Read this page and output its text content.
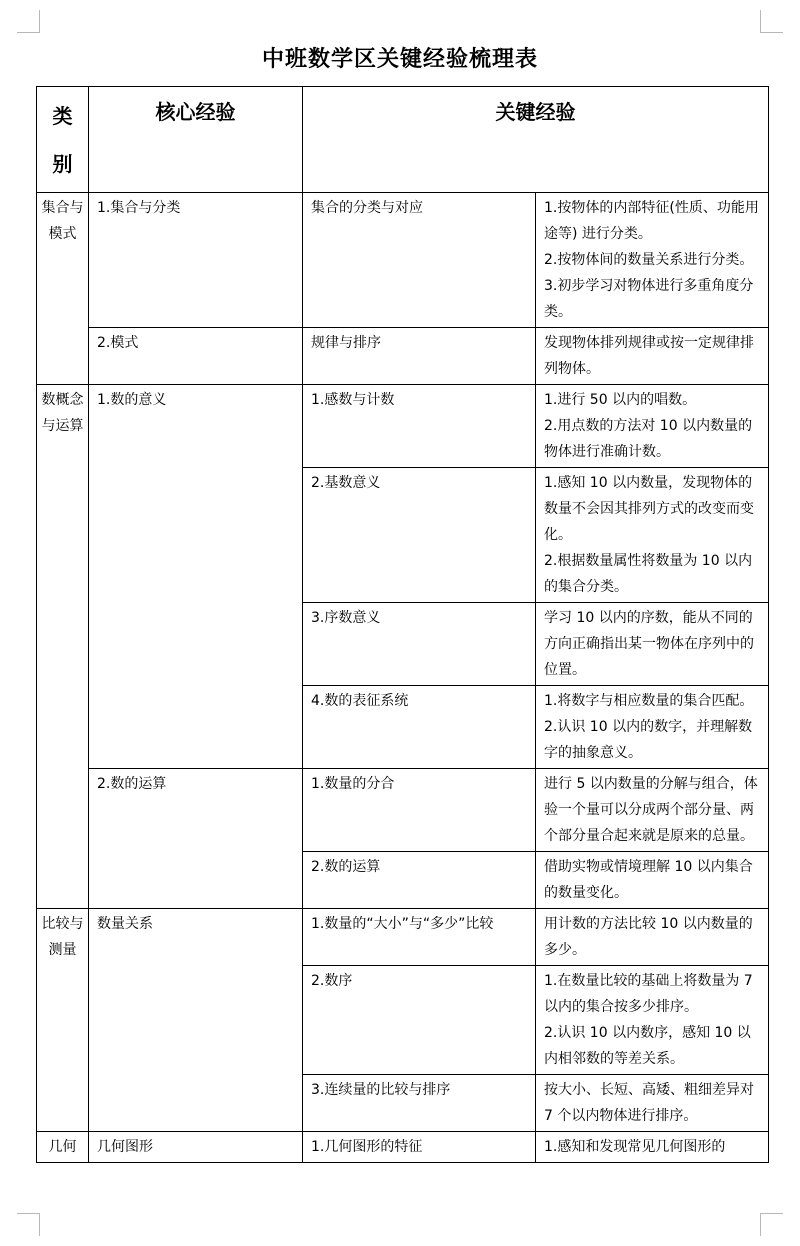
中班数学区关键经验梳理表
类别	核心经验	关键经验	
集合与模式	1.集合与分类	集合的分类与对应	1.按物体的内部特征(性质、功能用途等) 进行分类。
2.按物体间的数量关系进行分类。
3.初步学习对物体进行多重角度分类。
	2.模式	规律与排序	发现物体排列规律或按一定规律排列物体。
数概念与运算	1.数的意义	1.感数与计数	1.进行 50 以内的唱数。
2.用点数的方法对 10 以内数量的物体进行准确计数。
		2.基数意义	1.感知 10 以内数量，发现物体的数量不会因其排列方式的改变而变化。
2.根据数量属性将数量为 10 以内的集合分类。
		3.序数意义	学习 10 以内的序数，能从不同的方向正确指出某一物体在序列中的位置。
		4.数的表征系统	1.将数字与相应数量的集合匹配。
2.认识 10 以内的数字，并理解数字的抽象意义。
	2.数的运算	1.数量的分合	进行 5 以内数量的分解与组合，体验一个量可以分成两个部分量、两个部分量合起来就是原来的总量。
		2.数的运算	借助实物或情境理解 10 以内集合的数量变化。
比较与测量	数量关系	1.数量的“大小”与“多少”比较	用计数的方法比较 10 以内数量的多少。
		2.数序	1.在数量比较的基础上将数量为 7 以内的集合按多少排序。
2.认识 10 以内数序，感知 10 以内相邻数的等差关系。
		3.连续量的比较与排序	按大小、长短、高矮、粗细差异对 7 个以内物体进行排序。
几何	几何图形	1.几何图形的特征	1.感知和发现常见几何图形的
